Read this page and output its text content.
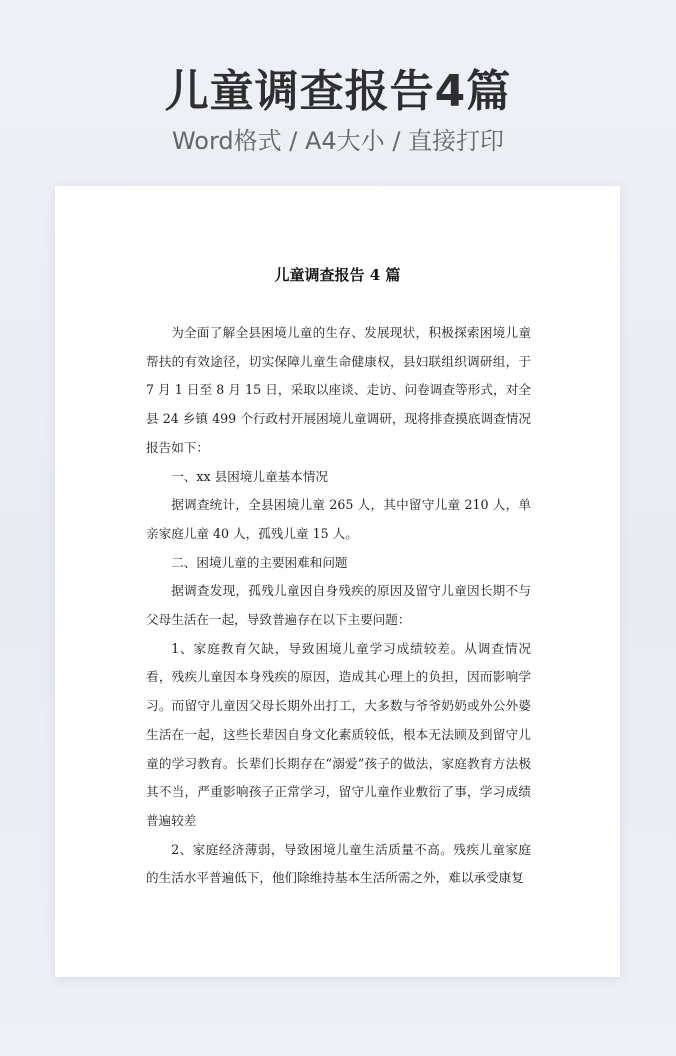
儿童调查报告4篇
Word格式 / A4大小 / 直接打印
儿童调查报告 4 篇

为全面了解全县困境儿童的生存、发展现状，积极探索困境儿童帮扶的有效途径，切实保障儿童生命健康权，县妇联组织调研组，于 7 月 1 日至 8 月 15 日，采取以座谈、走访、问卷调查等形式，对全县 24 乡镇 499 个行政村开展困境儿童调研，现将排查摸底调查情况报告如下：

一、xx 县困境儿童基本情况

据调查统计，全县困境儿童 265 人，其中留守儿童 210 人，单亲家庭儿童 40 人，孤残儿童 15 人。

二、困境儿童的主要困难和问题

据调查发现，孤残儿童因自身残疾的原因及留守儿童因长期不与父母生活在一起，导致普遍存在以下主要问题：

1、家庭教育欠缺，导致困境儿童学习成绩较差。从调查情况看，残疾儿童因本身残疾的原因，造成其心理上的负担，因而影响学习。而留守儿童因父母长期外出打工，大多数与爷爷奶奶或外公外婆生活在一起，这些长辈因自身文化素质较低，根本无法顾及到留守儿童的学习教育。长辈们长期存在“溺爱”孩子的做法，家庭教育方法极其不当，严重影响孩子正常学习，留守儿童作业敷衍了事，学习成绩普遍较差

2、家庭经济薄弱，导致困境儿童生活质量不高。残疾儿童家庭的生活水平普遍低下，他们除维持基本生活所需之外，难以承受康复
